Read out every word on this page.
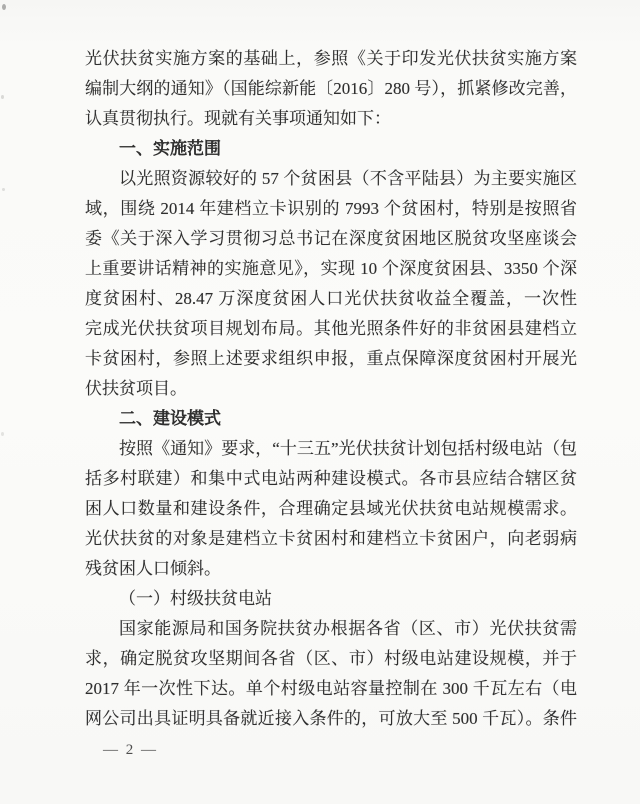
光伏扶贫实施方案的基础上，参照《关于印发光伏扶贫实施方案
编制大纲的通知》（国能综新能〔2016〕280 号），抓紧修改完善，
认真贯彻执行。现就有关事项通知如下：
一、实施范围
以光照资源较好的 57 个贫困县（不含平陆县）为主要实施区
域，围绕 2014 年建档立卡识别的 7993 个贫困村，特别是按照省
委《关于深入学习贯彻习总书记在深度贫困地区脱贫攻坚座谈会
上重要讲话精神的实施意见》，实现 10 个深度贫困县、3350 个深
度贫困村、28.47 万深度贫困人口光伏扶贫收益全覆盖，一次性
完成光伏扶贫项目规划布局。其他光照条件好的非贫困县建档立
卡贫困村，参照上述要求组织申报，重点保障深度贫困村开展光
伏扶贫项目。
二、建设模式
按照《通知》要求，“十三五”光伏扶贫计划包括村级电站（包
括多村联建）和集中式电站两种建设模式。各市县应结合辖区贫
困人口数量和建设条件，合理确定县域光伏扶贫电站规模需求。
光伏扶贫的对象是建档立卡贫困村和建档立卡贫困户，向老弱病
残贫困人口倾斜。
（一）村级扶贫电站
国家能源局和国务院扶贫办根据各省（区、市）光伏扶贫需
求，确定脱贫攻坚期间各省（区、市）村级电站建设规模，并于
2017 年一次性下达。单个村级电站容量控制在 300 千瓦左右（电
网公司出具证明具备就近接入条件的，可放大至 500 千瓦）。条件
— 2 —
